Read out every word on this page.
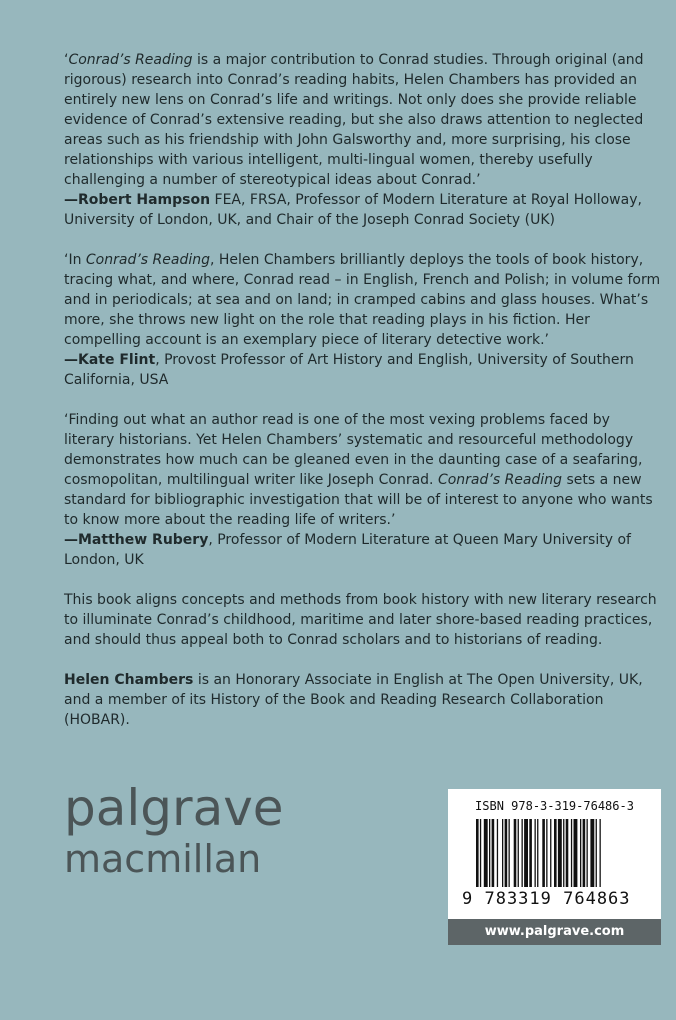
‘Conrad’s Reading is a major contribution to Conrad studies. Through original (and rigorous) research into Conrad’s reading habits, Helen Chambers has provided an entirely new lens on Conrad’s life and writings. Not only does she provide reliable evidence of Conrad’s extensive reading, but she also draws attention to neglected areas such as his friendship with John Galsworthy and, more surprising, his close relationships with various intelligent, multi-lingual women, thereby usefully challenging a number of stereotypical ideas about Conrad.’
—Robert Hampson FEA, FRSA, Professor of Modern Literature at Royal Holloway, University of London, UK, and Chair of the Joseph Conrad Society (UK)

‘In Conrad’s Reading, Helen Chambers brilliantly deploys the tools of book history, tracing what, and where, Conrad read – in English, French and Polish; in volume form and in periodicals; at sea and on land; in cramped cabins and glass houses. What’s more, she throws new light on the role that reading plays in his fiction. Her compelling account is an exemplary piece of literary detective work.’
—Kate Flint, Provost Professor of Art History and English, University of Southern California, USA

‘Finding out what an author read is one of the most vexing problems faced by literary historians. Yet Helen Chambers’ systematic and resourceful methodology demonstrates how much can be gleaned even in the daunting case of a seafaring, cosmopolitan, multilingual writer like Joseph Conrad. Conrad’s Reading sets a new standard for bibliographic investigation that will be of interest to anyone who wants to know more about the reading life of writers.’
—Matthew Rubery, Professor of Modern Literature at Queen Mary University of London, UK

This book aligns concepts and methods from book history with new literary research to illuminate Conrad’s childhood, maritime and later shore-based reading practices, and should thus appeal both to Conrad scholars and to historians of reading.

Helen Chambers is an Honorary Associate in English at The Open University, UK, and a member of its History of the Book and Reading Research Collaboration (HOBAR).

palgrave
macmillan
ISBN 978-3-319-76486-3
9 783319 764863
www.palgrave.com
